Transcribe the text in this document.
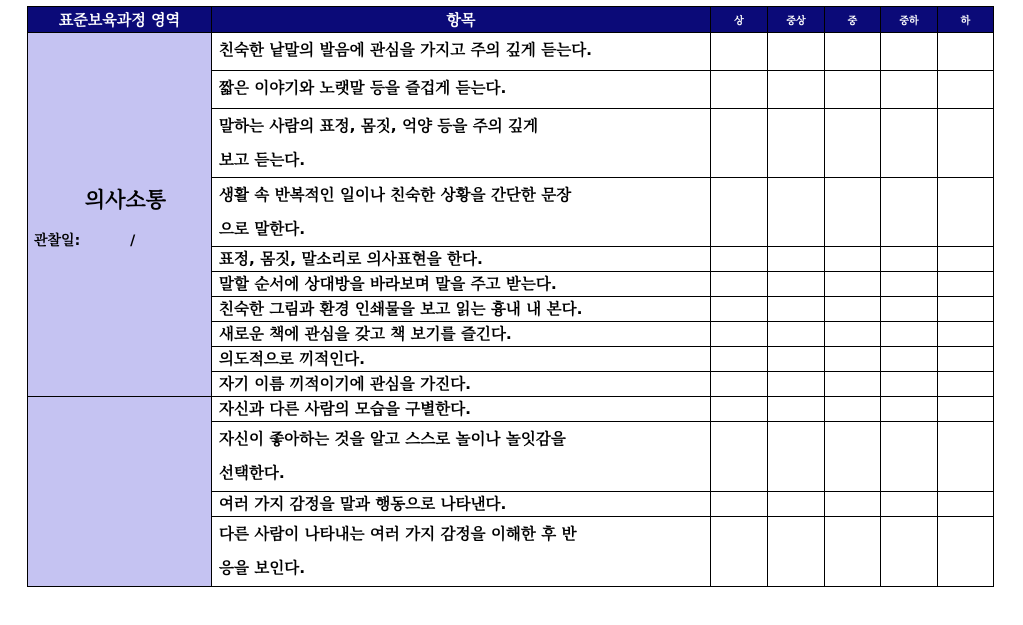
표준보육과정 영역	항목	상	중상	중	중하	하

의사소통
관찰일: /	친숙한 낱말의 발음에 관심을 가지고 주의 깊게 듣는다.					
	짧은 이야기와 노랫말 등을 즐겁게 듣는다.					
	말하는 사람의 표정, 몸짓, 억양 등을 주의 깊게
보고 듣는다.					
	생활 속 반복적인 일이나 친숙한 상황을 간단한 문장
으로 말한다.					
	표정, 몸짓, 말소리로 의사표현을 한다.					
	말할 순서에 상대방을 바라보며 말을 주고 받는다.					
	친숙한 그림과 환경 인쇄물을 보고 읽는 흉내 내 본다.					
	새로운 책에 관심을 갖고 책 보기를 즐긴다.					
	의도적으로 끼적인다.					
	자기 이름 끼적이기에 관심을 가진다.					

	자신과 다른 사람의 모습을 구별한다.					
	자신이 좋아하는 것을 알고 스스로 놀이나 놀잇감을
선택한다.					
	여러 가지 감정을 말과 행동으로 나타낸다.					
	다른 사람이 나타내는 여러 가지 감정을 이해한 후 반
응을 보인다.					
